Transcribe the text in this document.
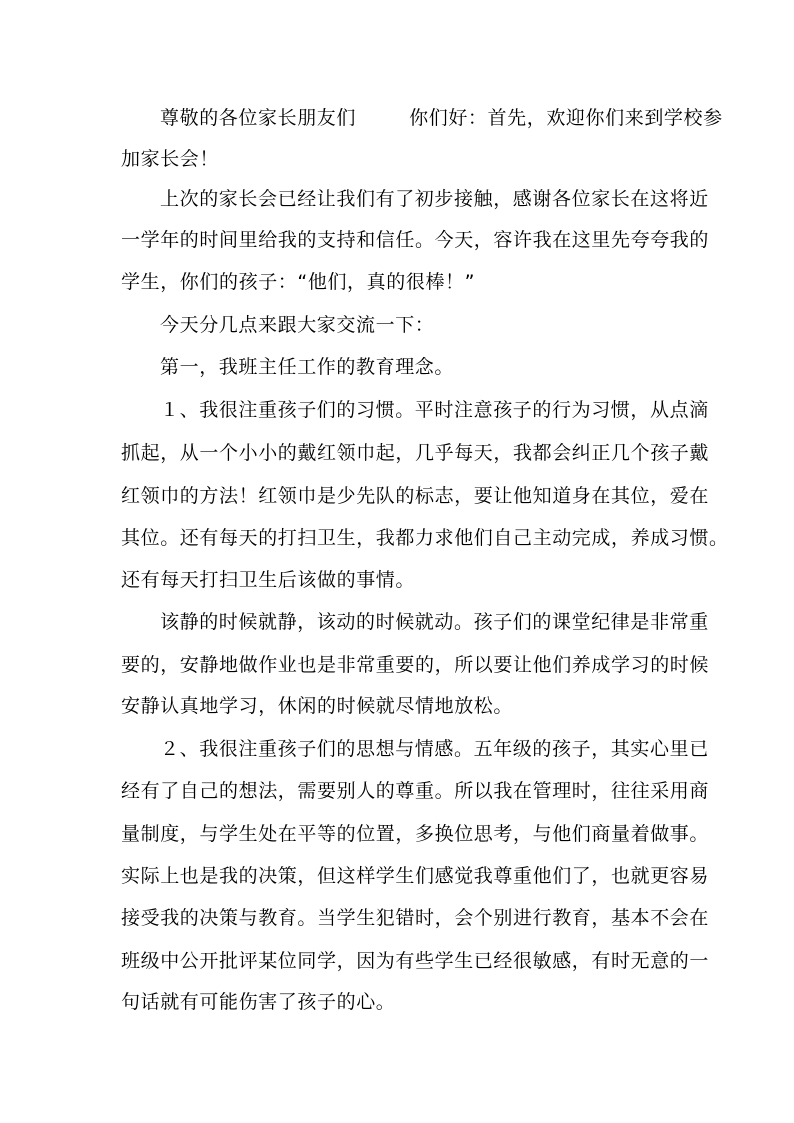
尊敬的各位家长朋友们        你们好：首先，欢迎你们来到学校参
加家长会！
上次的家长会已经让我们有了初步接触，感谢各位家长在这将近
一学年的时间里给我的支持和信任。今天，容许我在这里先夸夸我的
学生，你们的孩子：“他们，真的很棒！”
今天分几点来跟大家交流一下：
第一，我班主任工作的教育理念。
１、我很注重孩子们的习惯。平时注意孩子的行为习惯，从点滴
抓起，从一个小小的戴红领巾起，几乎每天，我都会纠正几个孩子戴
红领巾的方法！红领巾是少先队的标志，要让他知道身在其位，爱在
其位。还有每天的打扫卫生，我都力求他们自己主动完成，养成习惯。
还有每天打扫卫生后该做的事情。
该静的时候就静，该动的时候就动。孩子们的课堂纪律是非常重
要的，安静地做作业也是非常重要的，所以要让他们养成学习的时候
安静认真地学习，休闲的时候就尽情地放松。
２、我很注重孩子们的思想与情感。五年级的孩子，其实心里已
经有了自己的想法，需要别人的尊重。所以我在管理时，往往采用商
量制度，与学生处在平等的位置，多换位思考，与他们商量着做事。
实际上也是我的决策，但这样学生们感觉我尊重他们了，也就更容易
接受我的决策与教育。当学生犯错时，会个别进行教育，基本不会在
班级中公开批评某位同学，因为有些学生已经很敏感，有时无意的一
句话就有可能伤害了孩子的心。
